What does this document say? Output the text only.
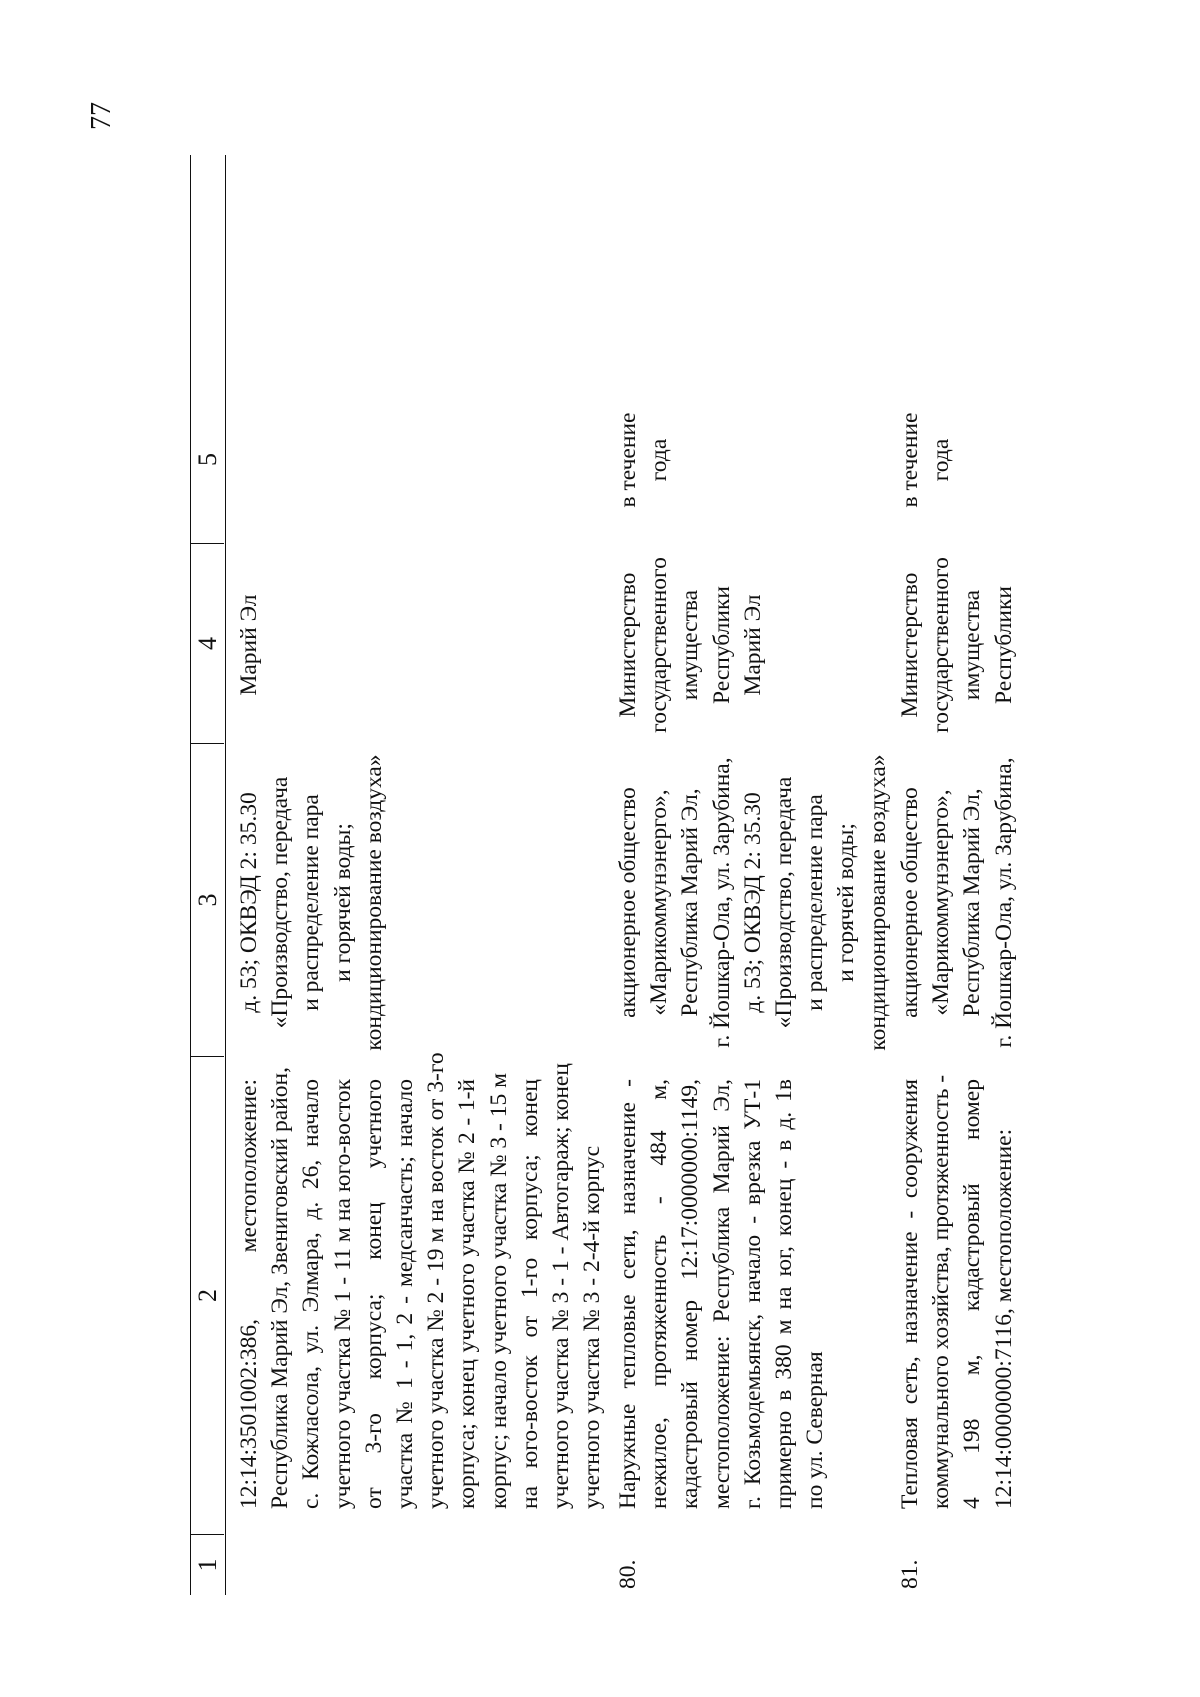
77
1
2
3
4
5
12:14:3501002:386, местоположение: Республика Марий Эл, Звениговский район, с. Кожласола, ул. Элмара, д. 26, начало учетного участка № 1 - 11 м на юго-восток от 3-го корпуса; конец учетного участка № 1 - 1, 2 - медсанчасть; начало учетного участка № 2 - 19 м на восток от 3-го корпуса; конец учетного участка № 2 - 1-й корпус; начало учетного участка № 3 - 15 м на юго-восток от 1-го корпуса; конец учетного участка № 3 - 1 - Автогараж; конец учетного участка № 3 - 2-4-й корпус
д. 53; ОКВЭД 2: 35.30 «Производство, передача и распределение пара и горячей воды; кондиционирование воздуха»
Марий Эл
80.
Наружные тепловые сети, назначение - нежилое, протяженность - 484 м, кадастровый номер 12:17:0000000:1149, местоположение: Республика Марий Эл, г. Козьмодемьянск, начало - врезка УТ-1 примерно в 380 м на юг, конец - в д. 1в по ул. Северная
акционерное общество «Марикоммунэнерго», Республика Марий Эл, г. Йошкар-Ола, ул. Зарубина, д. 53; ОКВЭД 2: 35.30 «Производство, передача и распределение пара и горячей воды; кондиционирование воздуха»
Министерство государственного имущества Республики Марий Эл
в течение года
81.
Тепловая сеть, назначение - сооружения коммунального хозяйства, протяженность - 4 198 м, кадастровый номер 12:14:0000000:7116, местоположение:
акционерное общество «Марикоммунэнерго», Республика Марий Эл, г. Йошкар-Ола, ул. Зарубина,
Министерство государственного имущества Республики
в течение года
